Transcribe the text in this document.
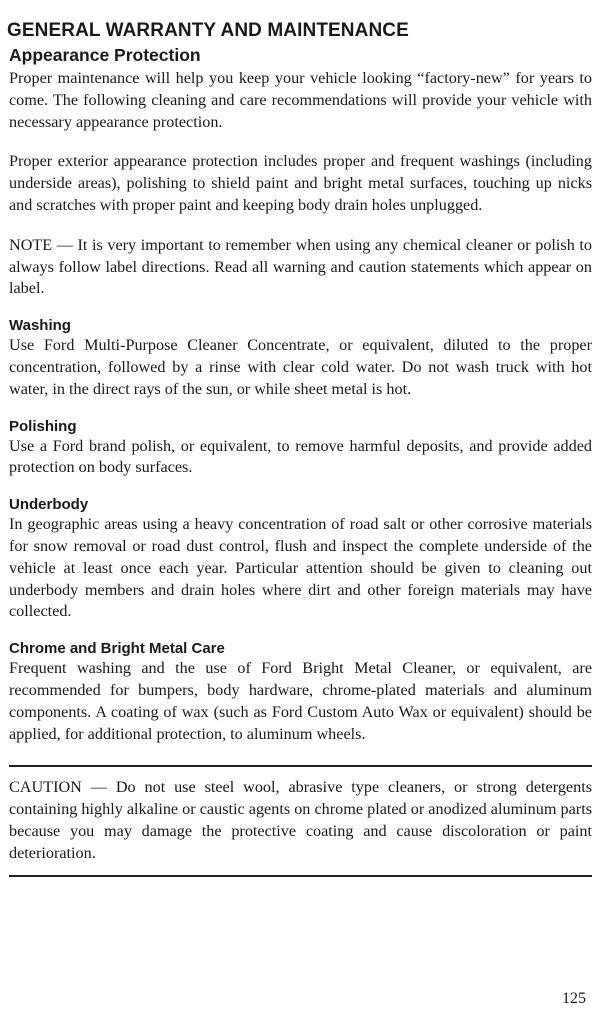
GENERAL WARRANTY AND MAINTENANCE
Appearance Protection

Proper maintenance will help you keep your vehicle looking “factory-new” for years to come. The following cleaning and care recommendations will provide your vehicle with necessary appearance protection.

Proper exterior appearance protection includes proper and frequent washings (including underside areas), polishing to shield paint and bright metal surfaces, touching up nicks and scratches with proper paint and keeping body drain holes unplugged.

NOTE — It is very important to remember when using any chemical cleaner or polish to always follow label directions. Read all warning and caution statements which appear on label.

Washing

Use Ford Multi-Purpose Cleaner Concentrate, or equivalent, diluted to the proper concentration, followed by a rinse with clear cold water. Do not wash truck with hot water, in the direct rays of the sun, or while sheet metal is hot.

Polishing

Use a Ford brand polish, or equivalent, to remove harmful deposits, and provide added protection on body surfaces.

Underbody

In geographic areas using a heavy concentration of road salt or other corrosive materials for snow removal or road dust control, flush and inspect the complete underside of the vehicle at least once each year. Particular attention should be given to cleaning out underbody members and drain holes where dirt and other foreign materials may have collected.

Chrome and Bright Metal Care

Frequent washing and the use of Ford Bright Metal Cleaner, or equivalent, are recommended for bumpers, body hardware, chrome-plated materials and aluminum components. A coating of wax (such as Ford Custom Auto Wax or equivalent) should be applied, for additional protection, to aluminum wheels.

CAUTION — Do not use steel wool, abrasive type cleaners, or strong detergents containing highly alkaline or caustic agents on chrome plated or anodized aluminum parts because you may damage the protective coating and cause discoloration or paint deterioration.

125
